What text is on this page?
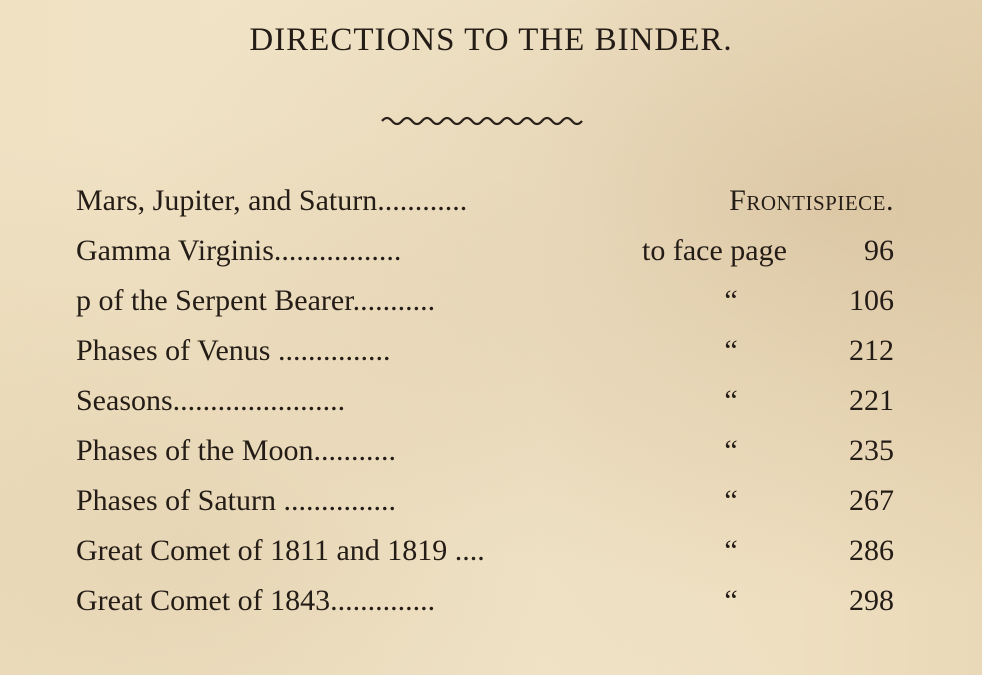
DIRECTIONS TO THE BINDER.
Mars, Jupiter, and Saturn............	Frontispiece.
Gamma Virginis.................	to face page	96
p of the Serpent Bearer...........	“	106
Phases of Venus ...............	“	212
Seasons.......................	“	221
Phases of the Moon...........	“	235
Phases of Saturn ...............	“	267
Great Comet of 1811 and 1819 ....	“	286
Great Comet of 1843..............	“	298
